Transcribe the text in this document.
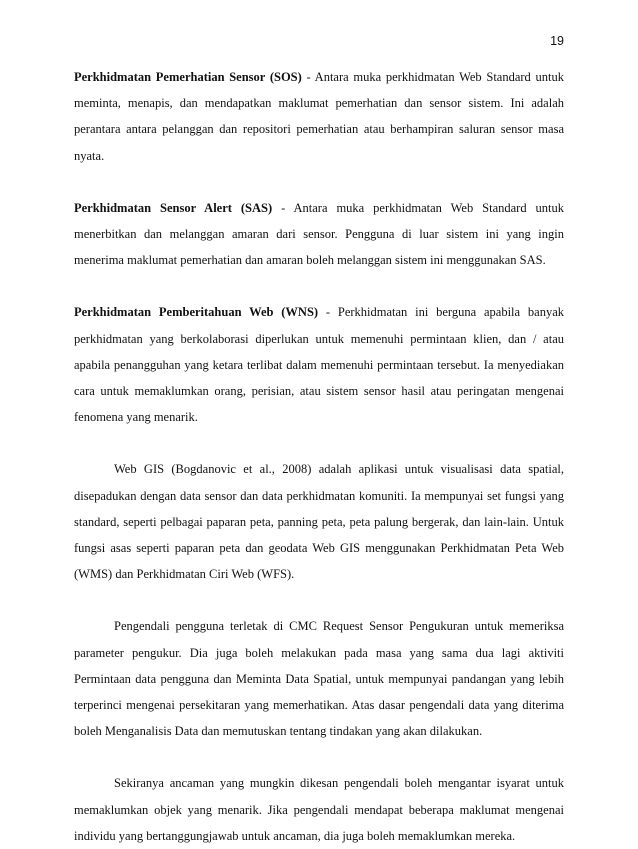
19

Perkhidmatan Pemerhatian Sensor (SOS) - Antara muka perkhidmatan Web Standard untuk meminta, menapis, dan mendapatkan maklumat pemerhatian dan sensor sistem. Ini adalah perantara antara pelanggan dan repositori pemerhatian atau berhampiran saluran sensor masa nyata.

Perkhidmatan Sensor Alert (SAS) - Antara muka perkhidmatan Web Standard untuk menerbitkan dan melanggan amaran dari sensor. Pengguna di luar sistem ini yang ingin menerima maklumat pemerhatian dan amaran boleh melanggan sistem ini menggunakan SAS.

Perkhidmatan Pemberitahuan Web (WNS) - Perkhidmatan ini berguna apabila banyak perkhidmatan yang berkolaborasi diperlukan untuk memenuhi permintaan klien, dan / atau apabila penangguhan yang ketara terlibat dalam memenuhi permintaan tersebut. Ia menyediakan cara untuk memaklumkan orang, perisian, atau sistem sensor hasil atau peringatan mengenai fenomena yang menarik.

Web GIS (Bogdanovic et al., 2008) adalah aplikasi untuk visualisasi data spatial, disepadukan dengan data sensor dan data perkhidmatan komuniti. Ia mempunyai set fungsi yang standard, seperti pelbagai paparan peta, panning peta, peta palung bergerak, dan lain-lain. Untuk fungsi asas seperti paparan peta dan geodata Web GIS menggunakan Perkhidmatan Peta Web (WMS) dan Perkhidmatan Ciri Web (WFS).

Pengendali pengguna terletak di CMC Request Sensor Pengukuran untuk memeriksa parameter pengukur. Dia juga boleh melakukan pada masa yang sama dua lagi aktiviti Permintaan data pengguna dan Meminta Data Spatial, untuk mempunyai pandangan yang lebih terperinci mengenai persekitaran yang memerhatikan. Atas dasar pengendali data yang diterima boleh Menganalisis Data dan memutuskan tentang tindakan yang akan dilakukan.

Sekiranya ancaman yang mungkin dikesan pengendali boleh mengantar isyarat untuk memaklumkan objek yang menarik. Jika pengendali mendapat beberapa maklumat mengenai individu yang bertanggungjawab untuk ancaman, dia juga boleh memaklumkan mereka.
